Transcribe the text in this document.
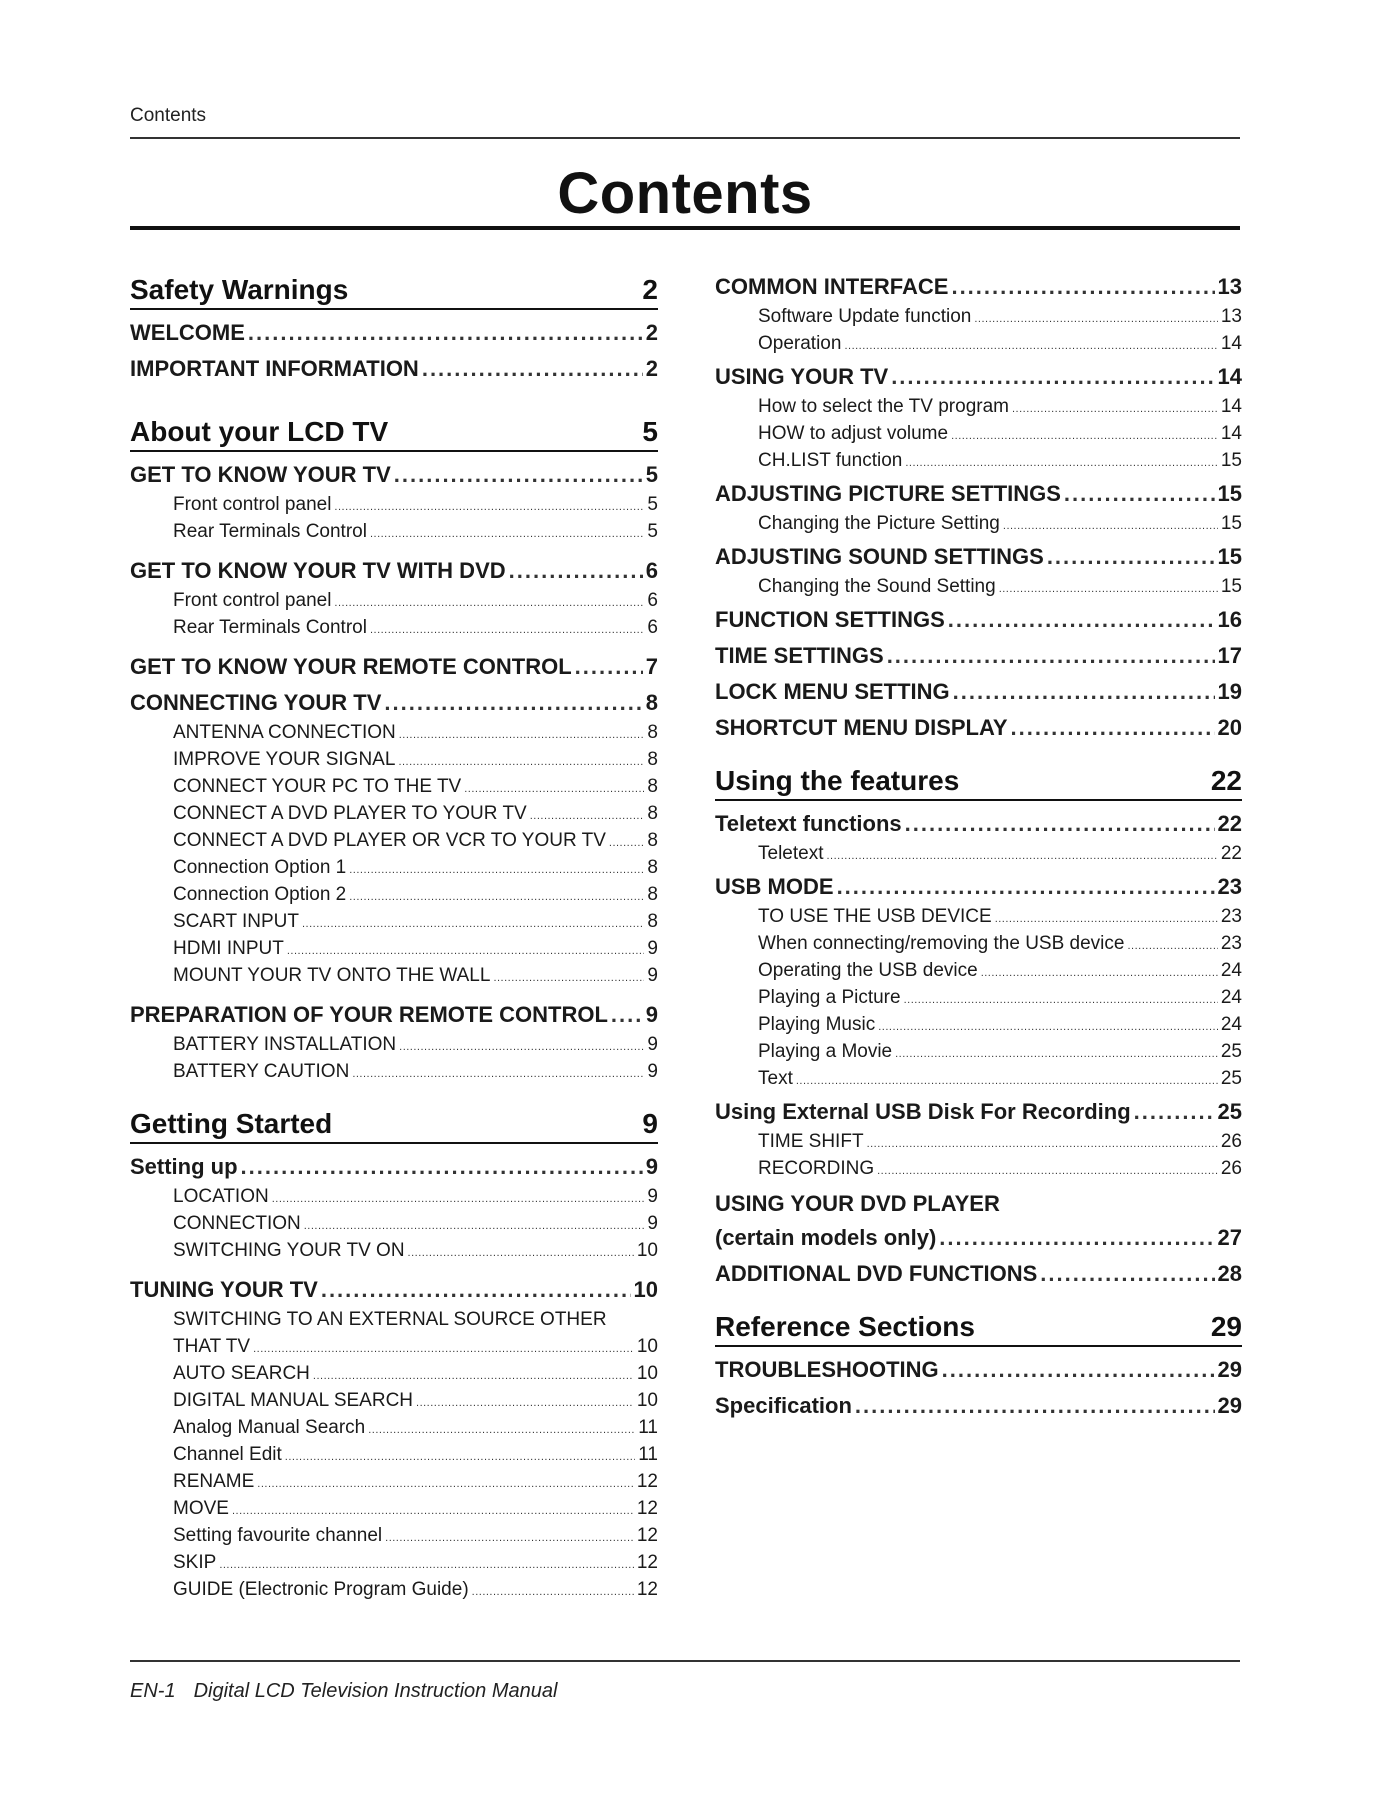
Contents
Contents
Safety Warnings	2
WELCOME .....	2
IMPORTANT INFORMATION .....	2
About your LCD TV	5
GET TO KNOW YOUR TV .....	5
Front control panel .....	5
Rear Terminals Control .....	5
GET TO KNOW YOUR TV WITH DVD .....	6
Front control panel .....	6
Rear Terminals Control .....	6
GET TO KNOW YOUR REMOTE CONTROL .....	7
CONNECTING YOUR TV .....	8
ANTENNA CONNECTION .....	8
IMPROVE YOUR SIGNAL .....	8
CONNECT YOUR PC TO THE TV .....	8
CONNECT A DVD PLAYER TO YOUR TV .....	8
CONNECT A DVD PLAYER OR VCR TO YOUR TV ..... 8
Connection Option 1 .....	8
Connection Option 2 .....	8
SCART INPUT .....	8
HDMI INPUT .....	9
MOUNT YOUR TV ONTO THE WALL .....	9
PREPARATION OF YOUR REMOTE CONTROL ..... 9
BATTERY INSTALLATION .....	9
BATTERY CAUTION .....	9
Getting Started	9
Setting up .....	9
LOCATION .....	9
CONNECTION .....	9
SWITCHING YOUR TV ON .....	10
TUNING YOUR TV .....	10
SWITCHING TO AN EXTERNAL SOURCE OTHER
THAT TV .....	10
AUTO SEARCH .....	10
DIGITAL MANUAL SEARCH .....	10
Analog Manual Search .....	11
Channel Edit .....	11
RENAME .....	12
MOVE .....	12
Setting favourite channel .....	12
SKIP .....	12
GUIDE (Electronic Program Guide) .....	12
COMMON INTERFACE .....	13
Software Update function .....	13
Operation .....	14
USING YOUR TV .....	14
How to select the TV program .....	14
HOW to adjust volume .....	14
CH.LIST function .....	15
ADJUSTING PICTURE SETTINGS .....	15
Changing the Picture Setting .....	15
ADJUSTING SOUND SETTINGS .....	15
Changing the Sound Setting .....	15
FUNCTION SETTINGS .....	16
TIME SETTINGS .....	17
LOCK MENU SETTING .....	19
SHORTCUT MENU DISPLAY .....	20
Using the features	22
Teletext functions .....	22
Teletext .....	22
USB MODE .....	23
TO USE THE USB DEVICE .....	23
When connecting/removing the USB device .....	23
Operating the USB device .....	24
Playing a Picture .....	24
Playing Music .....	24
Playing a Movie .....	25
Text .....	25
Using External USB Disk For Recording .....	25
TIME SHIFT .....	26
RECORDING .....	26
USING YOUR DVD PLAYER
(certain models only) .....	27
ADDITIONAL DVD FUNCTIONS .....	28
Reference Sections	29
TROUBLESHOOTING .....	29
Specification .....	29
EN-1 Digital LCD Television Instruction Manual
